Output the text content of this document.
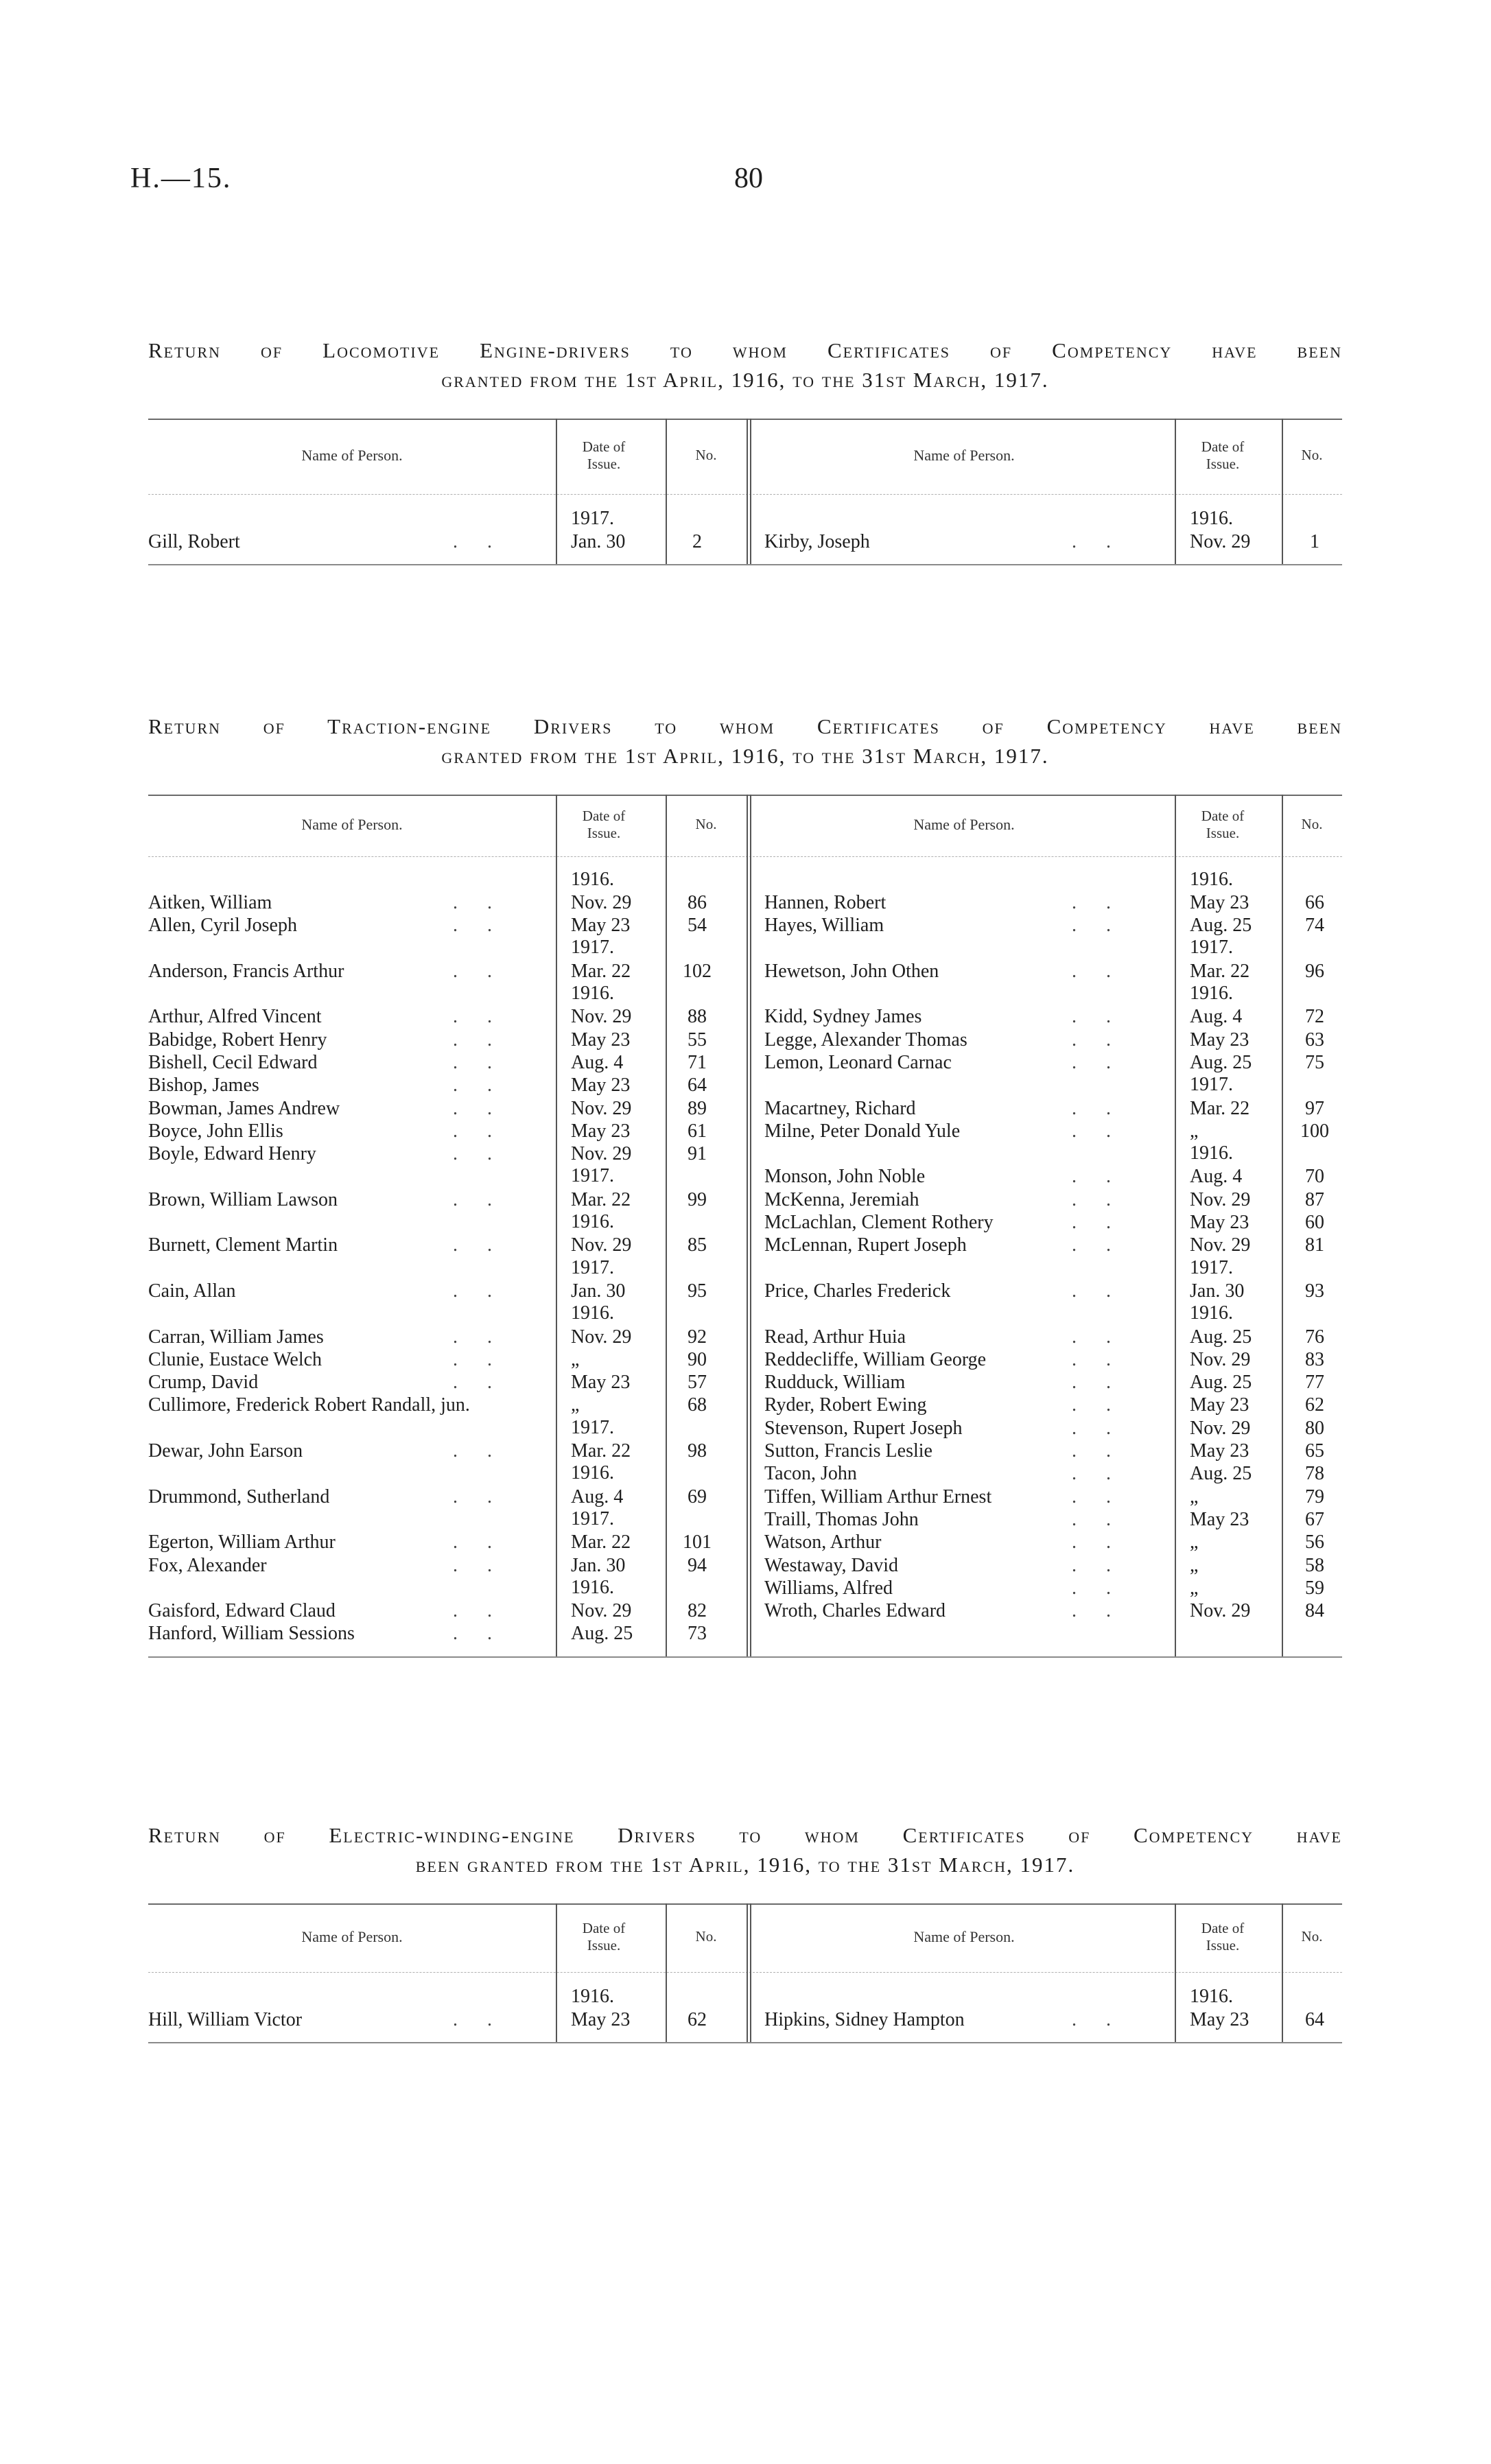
H.—15.	80
Return of Locomotive Engine-drivers to whom Certificates of Competency have been
granted from the 1st April, 1916, to the 31st March, 1917.
Name of Person.	Date of Issue.
No.	Name of Person.	Date of Issue.
No.
1917.
Gill, Robert	. .	Jan. 30	2
1916.
Kirby, Joseph	. .	Nov. 29	1
Return of Traction-engine Drivers to whom Certificates of Competency have been
granted from the 1st April, 1916, to the 31st March, 1917.
Name of Person.	Date of Issue.
No.	Name of Person.	Date of Issue.
No.
1916.
Aitken, William	. .	Nov. 29	86
Allen, Cyril Joseph	. .	May 23	54
1917.
Anderson, Francis Arthur	. .	Mar. 22	102
1916.
Arthur, Alfred Vincent	. .	Nov. 29	88
Babidge, Robert Henry	. .	May 23	55
Bishell, Cecil Edward	. .	Aug. 4	71
Bishop, James	. .	May 23	64
Bowman, James Andrew	. .	Nov. 29	89
Boyce, John Ellis	. .	May 23	61
Boyle, Edward Henry	. .	Nov. 29	91
1917.
Brown, William Lawson	. .	Mar. 22	99
1916.
Burnett, Clement Martin	. .	Nov. 29	85
1917.
Cain, Allan	. .	Jan. 30	95
1916.
Carran, William James	. .	Nov. 29	92
Clunie, Eustace Welch	. .	„	90
Crump, David	. .	May 23	57
Cullimore, Frederick Robert Randall, jun.	„	68
1917.
Dewar, John Earson	. .	Mar. 22	98
1916.
Drummond, Sutherland	. .	Aug. 4	69
1917.
Egerton, William Arthur	. .	Mar. 22	101
Fox, Alexander	. .	Jan. 30	94
1916.
Gaisford, Edward Claud	. .	Nov. 29	82
Hanford, William Sessions	. .	Aug. 25	73
1916.
Hannen, Robert	. .	May 23	66
Hayes, William	. .	Aug. 25	74
1917.
Hewetson, John Othen	. .	Mar. 22	96
1916.
Kidd, Sydney James	. .	Aug. 4	72
Legge, Alexander Thomas	. .	May 23	63
Lemon, Leonard Carnac	. .	Aug. 25	75
1917.
Macartney, Richard	. .	Mar. 22	97
Milne, Peter Donald Yule	. .	„	100
1916.
Monson, John Noble	. .	Aug. 4	70
McKenna, Jeremiah	. .	Nov. 29	87
McLachlan, Clement Rothery	. .	May 23	60
McLennan, Rupert Joseph	. .	Nov. 29	81
1917.
Price, Charles Frederick	. .	Jan. 30	93
1916.
Read, Arthur Huia	. .	Aug. 25	76
Reddecliffe, William George	. .	Nov. 29	83
Rudduck, William	. .	Aug. 25	77
Ryder, Robert Ewing	. .	May 23	62
Stevenson, Rupert Joseph	. .	Nov. 29	80
Sutton, Francis Leslie	. .	May 23	65
Tacon, John	. .	Aug. 25	78
Tiffen, William Arthur Ernest	. .	„	79
Traill, Thomas John	. .	May 23	67
Watson, Arthur	. .	„	56
Westaway, David	. .	„	58
Williams, Alfred	. .	„	59
Wroth, Charles Edward	. .	Nov. 29	84
Return of Electric-winding-engine Drivers to whom Certificates of Competency have
been granted from the 1st April, 1916, to the 31st March, 1917.
Name of Person.	Date of Issue.
No.	Name of Person.	Date of Issue.
No.
1916.
Hill, William Victor	. .	May 23	62
1916.
Hipkins, Sidney Hampton	. .	May 23	64
